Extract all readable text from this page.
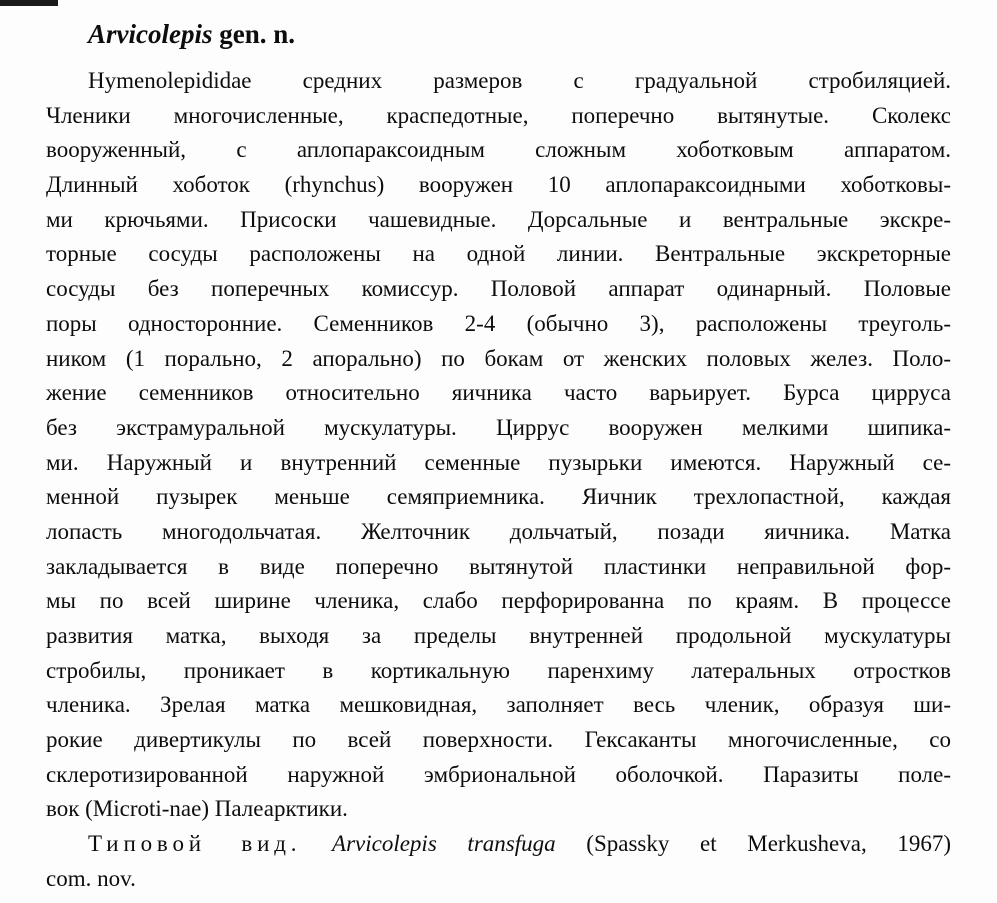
Arvicolepis gen. n.
Hymenolepididae средних размеров с градуальной стробиляцией.
Членики многочисленные, краспедотные, поперечно вытянутые. Сколекс
вооруженный, с аплопараксоидным сложным хоботковым аппаратом.
Длинный хоботок (rhynchus) вооружен 10 аплопараксоидными хоботковы-
ми крючьями. Присоски чашевидные. Дорсальные и вентральные экскре-
торные сосуды расположены на одной линии. Вентральные экскреторные
сосуды без поперечных комиссур. Половой аппарат одинарный. Половые
поры односторонние. Семенников 2-4 (обычно 3), расположены треуголь-
ником (1 порально, 2 апорально) по бокам от женских половых желез. Поло-
жение семенников относительно яичника часто варьирует. Бурса цирруса
без экстрамуральной мускулатуры. Циррус вооружен мелкими шипика-
ми. Наружный и внутренний семенные пузырьки имеются. Наружный се-
менной пузырек меньше семяприемника. Яичник трехлопастной, каждая
лопасть многодольчатая. Желточник дольчатый, позади яичника. Матка
закладывается в виде поперечно вытянутой пластинки неправильной фор-
мы по всей ширине членика, слабо перфорированна по краям. В процессе
развития матка, выходя за пределы внутренней продольной мускулатуры
стробилы, проникает в кортикальную паренхиму латеральных отростков
членика. Зрелая матка мешковидная, заполняет весь членик, образуя ши-
рокие дивертикулы по всей поверхности. Гексаканты многочисленные, со
склеротизированной наружной эмбриональной оболочкой. Паразиты поле-
вок (Microti-nae) Палеарктики.
Типовой вид. Arvicolepis transfuga (Spassky et Merkusheva, 1967)
com. nov.
